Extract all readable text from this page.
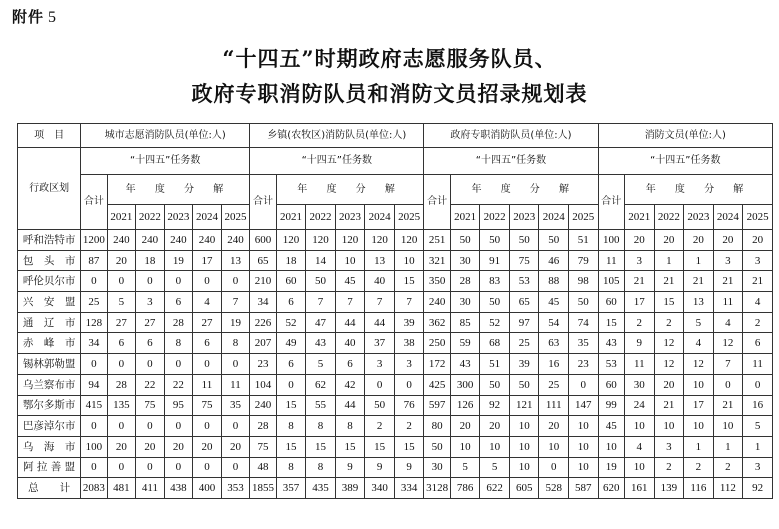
附件 5
“十四五”时期政府志愿服务队员、
政府专职消防队员和消防文员招录规划表
项　目	城市志愿消防队员(单位:人)						乡镇(农牧区)消防队员(单位:人)						政府专职消防队员(单位:人)						消防文员(单位:人)					
行政区划	“十四五”任务数						“十四五”任务数						“十四五”任务数						“十四五”任务数					
	合计	年 度 分 解					合计	年 度 分 解					合计	年 度 分 解					合计	年 度 分 解				
		2021	2022	2023	2024	2025		2021	2022	2023	2024	2025		2021	2022	2023	2024	2025		2021	2022	2023	2024	2025
呼和浩特市	1200	240	240	240	240	240	600	120	120	120	120	120	251	50	50	50	50	51	100	20	20	20	20	20
包　头　市	87	20	18	19	17	13	65	18	14	10	13	10	321	30	91	75	46	79	11	3	1	1	3	3
呼伦贝尔市	0	0	0	0	0	0	210	60	50	45	40	15	350	28	83	53	88	98	105	21	21	21	21	21
兴　安　盟	25	5	3	6	4	7	34	6	7	7	7	7	240	30	50	65	45	50	60	17	15	13	11	4
通　辽　市	128	27	27	28	27	19	226	52	47	44	44	39	362	85	52	97	54	74	15	2	2	5	4	2
赤　峰　市	34	6	6	8	6	8	207	49	43	40	37	38	250	59	68	25	63	35	43	9	12	4	12	6
锡林郭勒盟	0	0	0	0	0	0	23	6	5	6	3	3	172	43	51	39	16	23	53	11	12	12	7	11
乌兰察布市	94	28	22	22	11	11	104	0	62	42	0	0	425	300	50	50	25	0	60	30	20	10	0	0
鄂尔多斯市	415	135	75	95	75	35	240	15	55	44	50	76	597	126	92	121	111	147	99	24	21	17	21	16
巴彦淖尔市	0	0	0	0	0	0	28	8	8	8	2	2	80	20	20	10	20	10	45	10	10	10	10	5
乌　海　市	100	20	20	20	20	20	75	15	15	15	15	15	50	10	10	10	10	10	10	4	3	1	1	1
阿 拉 善 盟	0	0	0	0	0	0	48	8	8	9	9	9	30	5	5	10	0	10	19	10	2	2	2	3
总　　计	2083	481	411	438	400	353	1855	357	435	389	340	334	3128	786	622	605	528	587	620	161	139	116	112	92
